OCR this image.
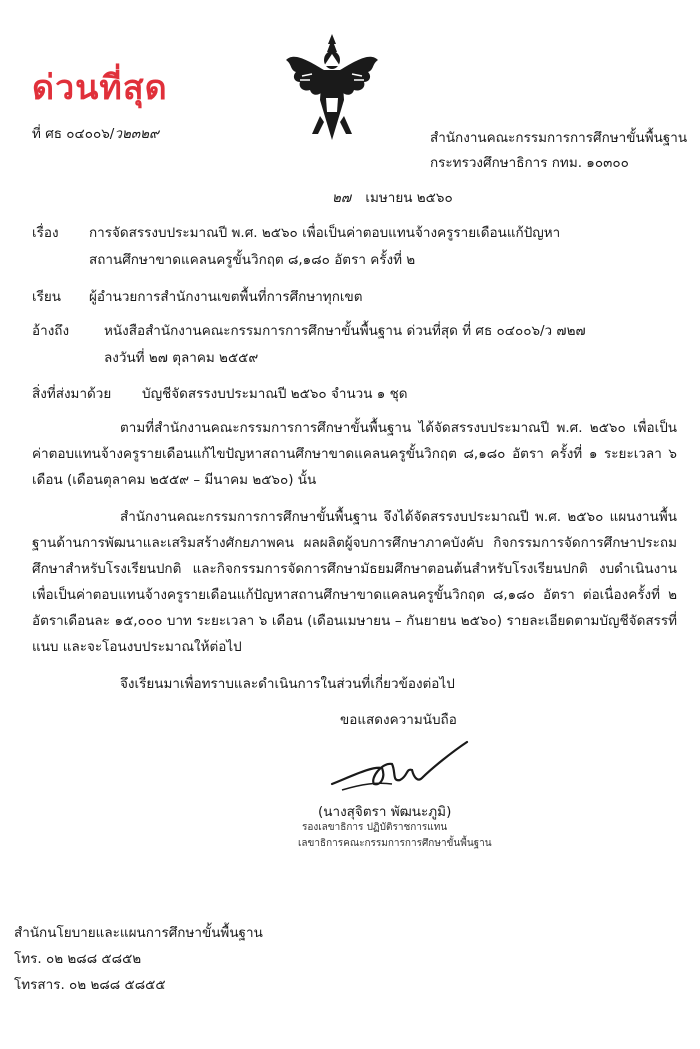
ด่วนที่สุด
ที่ ศธ ๐๔๐๐๖/ว๒๓๒๙	สำนักงานคณะกรรมการการศึกษาขั้นพื้นฐาน
กระทรวงศึกษาธิการ กทม. ๑๐๓๐๐
๒๗ เมษายน ๒๕๖๐
เรื่อง การจัดสรรงบประมาณปี พ.ศ. ๒๕๖๐ เพื่อเป็นค่าตอบแทนจ้างครูรายเดือนแก้ปัญหา
สถานศึกษาขาดแคลนครูขั้นวิกฤต ๘,๑๘๐ อัตรา ครั้งที่ ๒
เรียน ผู้อำนวยการสำนักงานเขตพื้นที่การศึกษาทุกเขต
อ้างถึง	หนังสือสำนักงานคณะกรรมการการศึกษาขั้นพื้นฐาน ด่วนที่สุด ที่ ศธ ๐๔๐๐๖/ว ๗๒๗
ลงวันที่ ๒๗ ตุลาคม ๒๕๕๙
สิ่งที่ส่งมาด้วย บัญชีจัดสรรงบประมาณปี ๒๕๖๐ จำนวน ๑ ชุด
ตามที่สำนักงานคณะกรรมการการศึกษาขั้นพื้นฐาน ได้จัดสรรงบประมาณปี พ.ศ. ๒๕๖๐ เพื่อเป็นค่าตอบแทนจ้างครูรายเดือนแก้ไขปัญหาสถานศึกษาขาดแคลนครูขั้นวิกฤต ๘,๑๘๐ อัตรา ครั้งที่ ๑ ระยะเวลา ๖ เดือน (เดือนตุลาคม ๒๕๕๙ – มีนาคม ๒๕๖๐) นั้น
สำนักงานคณะกรรมการการศึกษาขั้นพื้นฐาน จึงได้จัดสรรงบประมาณปี พ.ศ. ๒๕๖๐ แผนงานพื้นฐานด้านการพัฒนาและเสริมสร้างศักยภาพคน ผลผลิตผู้จบการศึกษาภาคบังคับ กิจกรรมการจัดการศึกษาประถมศึกษาสำหรับโรงเรียนปกติ และกิจกรรมการจัดการศึกษามัธยมศึกษาตอนต้นสำหรับโรงเรียนปกติ งบดำเนินงาน เพื่อเป็นค่าตอบแทนจ้างครูรายเดือนแก้ปัญหาสถานศึกษาขาดแคลนครูขั้นวิกฤต ๘,๑๘๐ อัตรา ต่อเนื่องครั้งที่ ๒ อัตราเดือนละ ๑๕,๐๐๐ บาท ระยะเวลา ๖ เดือน (เดือนเมษายน – กันยายน ๒๕๖๐) รายละเอียดตามบัญชีจัดสรรที่แนบ และจะโอนงบประมาณให้ต่อไป
จึงเรียนมาเพื่อทราบและดำเนินการในส่วนที่เกี่ยวข้องต่อไป
ขอแสดงความนับถือ
(นางสุจิตรา พัฒนะภูมิ)
รองเลขาธิการ ปฏิบัติราชการแทน
เลขาธิการคณะกรรมการการศึกษาขั้นพื้นฐาน
สำนักนโยบายและแผนการศึกษาขั้นพื้นฐาน
โทร. ๐๒ ๒๘๘ ๕๘๕๒
โทรสาร. ๐๒ ๒๘๘ ๕๘๕๕
